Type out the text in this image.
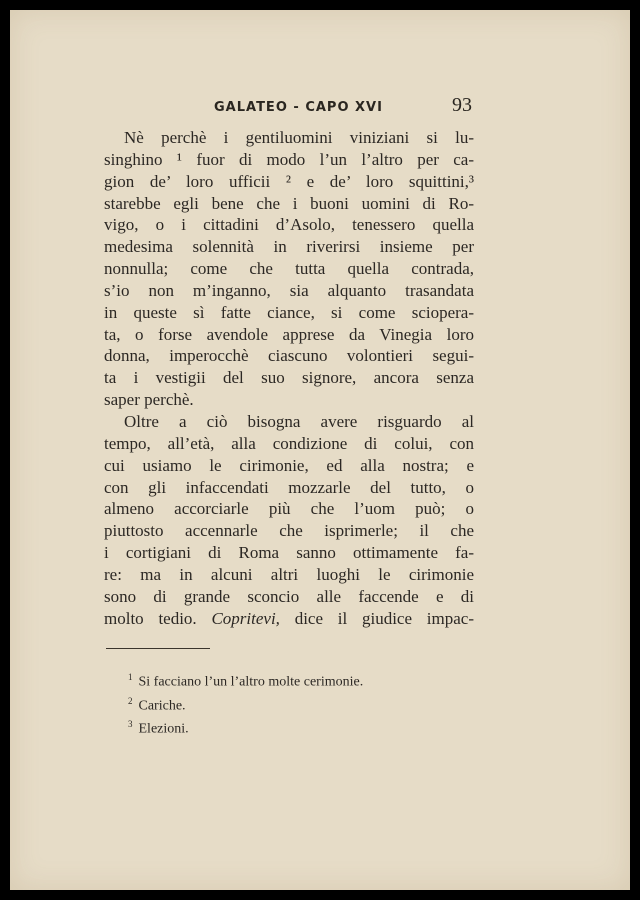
GALATEO - CAPO XVI	93
Nè perchè i gentiluomini viniziani si lu-
singhino ¹ fuor di modo l’un l’altro per ca-
gion de’ loro ufficii ² e de’ loro squittini,³
starebbe egli bene che i buoni uomini di Ro-
vigo, o i cittadini d’Asolo, tenessero quella
medesima solennità in riverirsi insieme per
nonnulla; come che tutta quella contrada,
s’io non m’inganno, sia alquanto trasandata
in queste sì fatte ciance, si come sciopera-
ta, o forse avendole apprese da Vinegia loro
donna, imperocchè ciascuno volontieri segui-
ta i vestigii del suo signore, ancora senza
saper perchè.
Oltre a ciò bisogna avere risguardo al
tempo, all’età, alla condizione di colui, con
cui usiamo le cirimonie, ed alla nostra; e
con gli infaccendati mozzarle del tutto, o
almeno accorciarle più che l’uom può; o
piuttosto accennarle che isprimerle; il che
i cortigiani di Roma sanno ottimamente fa-
re: ma in alcuni altri luoghi le cirimonie
sono di grande sconcio alle faccende e di
molto tedio. Copritevi, dice il giudice impac-
$^1$ Si facciano l’un l’altro molte cerimonie.
$^2$ Cariche.
$^3$ Elezioni.
